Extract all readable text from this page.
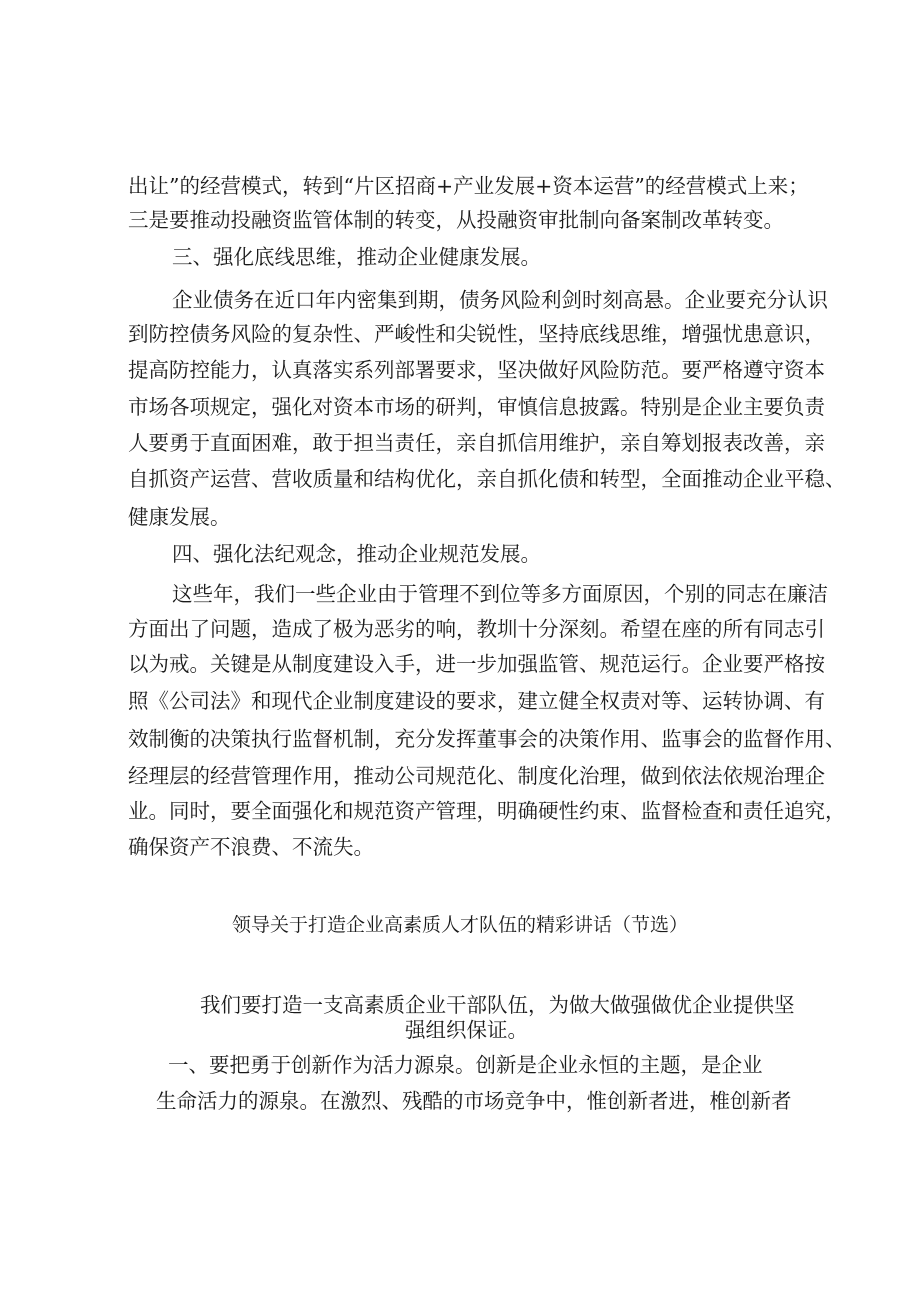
出让”的经营模式，转到“片区招商+产业发展+资本运营”的经营模式上来；
三是要推动投融资监管体制的转变，从投融资审批制向备案制改革转变。
三、强化底线思维，推动企业健康发展。
企业债务在近口年内密集到期，债务风险利剑时刻高悬。企业要充分认识
到防控债务风险的复杂性、严峻性和尖锐性，坚持底线思维，增强忧患意识，
提高防控能力，认真落实系列部署要求，坚决做好风险防范。要严格遵守资本
市场各项规定，强化对资本市场的研判，审慎信息披露。特别是企业主要负责
人要勇于直面困难，敢于担当责任，亲自抓信用维护，亲自筹划报表改善，亲
自抓资产运营、营收质量和结构优化，亲自抓化债和转型，全面推动企业平稳、
健康发展。
四、强化法纪观念，推动企业规范发展。
这些年，我们一些企业由于管理不到位等多方面原因，个别的同志在廉洁
方面出了问题，造成了极为恶劣的响，教圳十分深刻。希望在座的所有同志引
以为戒。关键是从制度建设入手，进一步加强监管、规范运行。企业要严格按
照《公司法》和现代企业制度建设的要求，建立健全权责对等、运转协调、有
效制衡的决策执行监督机制，充分发挥董事会的决策作用、监事会的监督作用、
经理层的经营管理作用，推动公司规范化、制度化治理，做到依法依规治理企
业。同时，要全面强化和规范资产管理，明确硬性约束、监督检查和责任追究，
确保资产不浪费、不流失。
领导关于打造企业高素质人才队伍的精彩讲话（节选）
我们要打造一支高素质企业干部队伍，为做大做强做优企业提供坚
强组织保证。
一、要把勇于创新作为活力源泉。创新是企业永恒的主题，是企业
生命活力的源泉。在激烈、残酷的市场竞争中，惟创新者进，椎创新者
